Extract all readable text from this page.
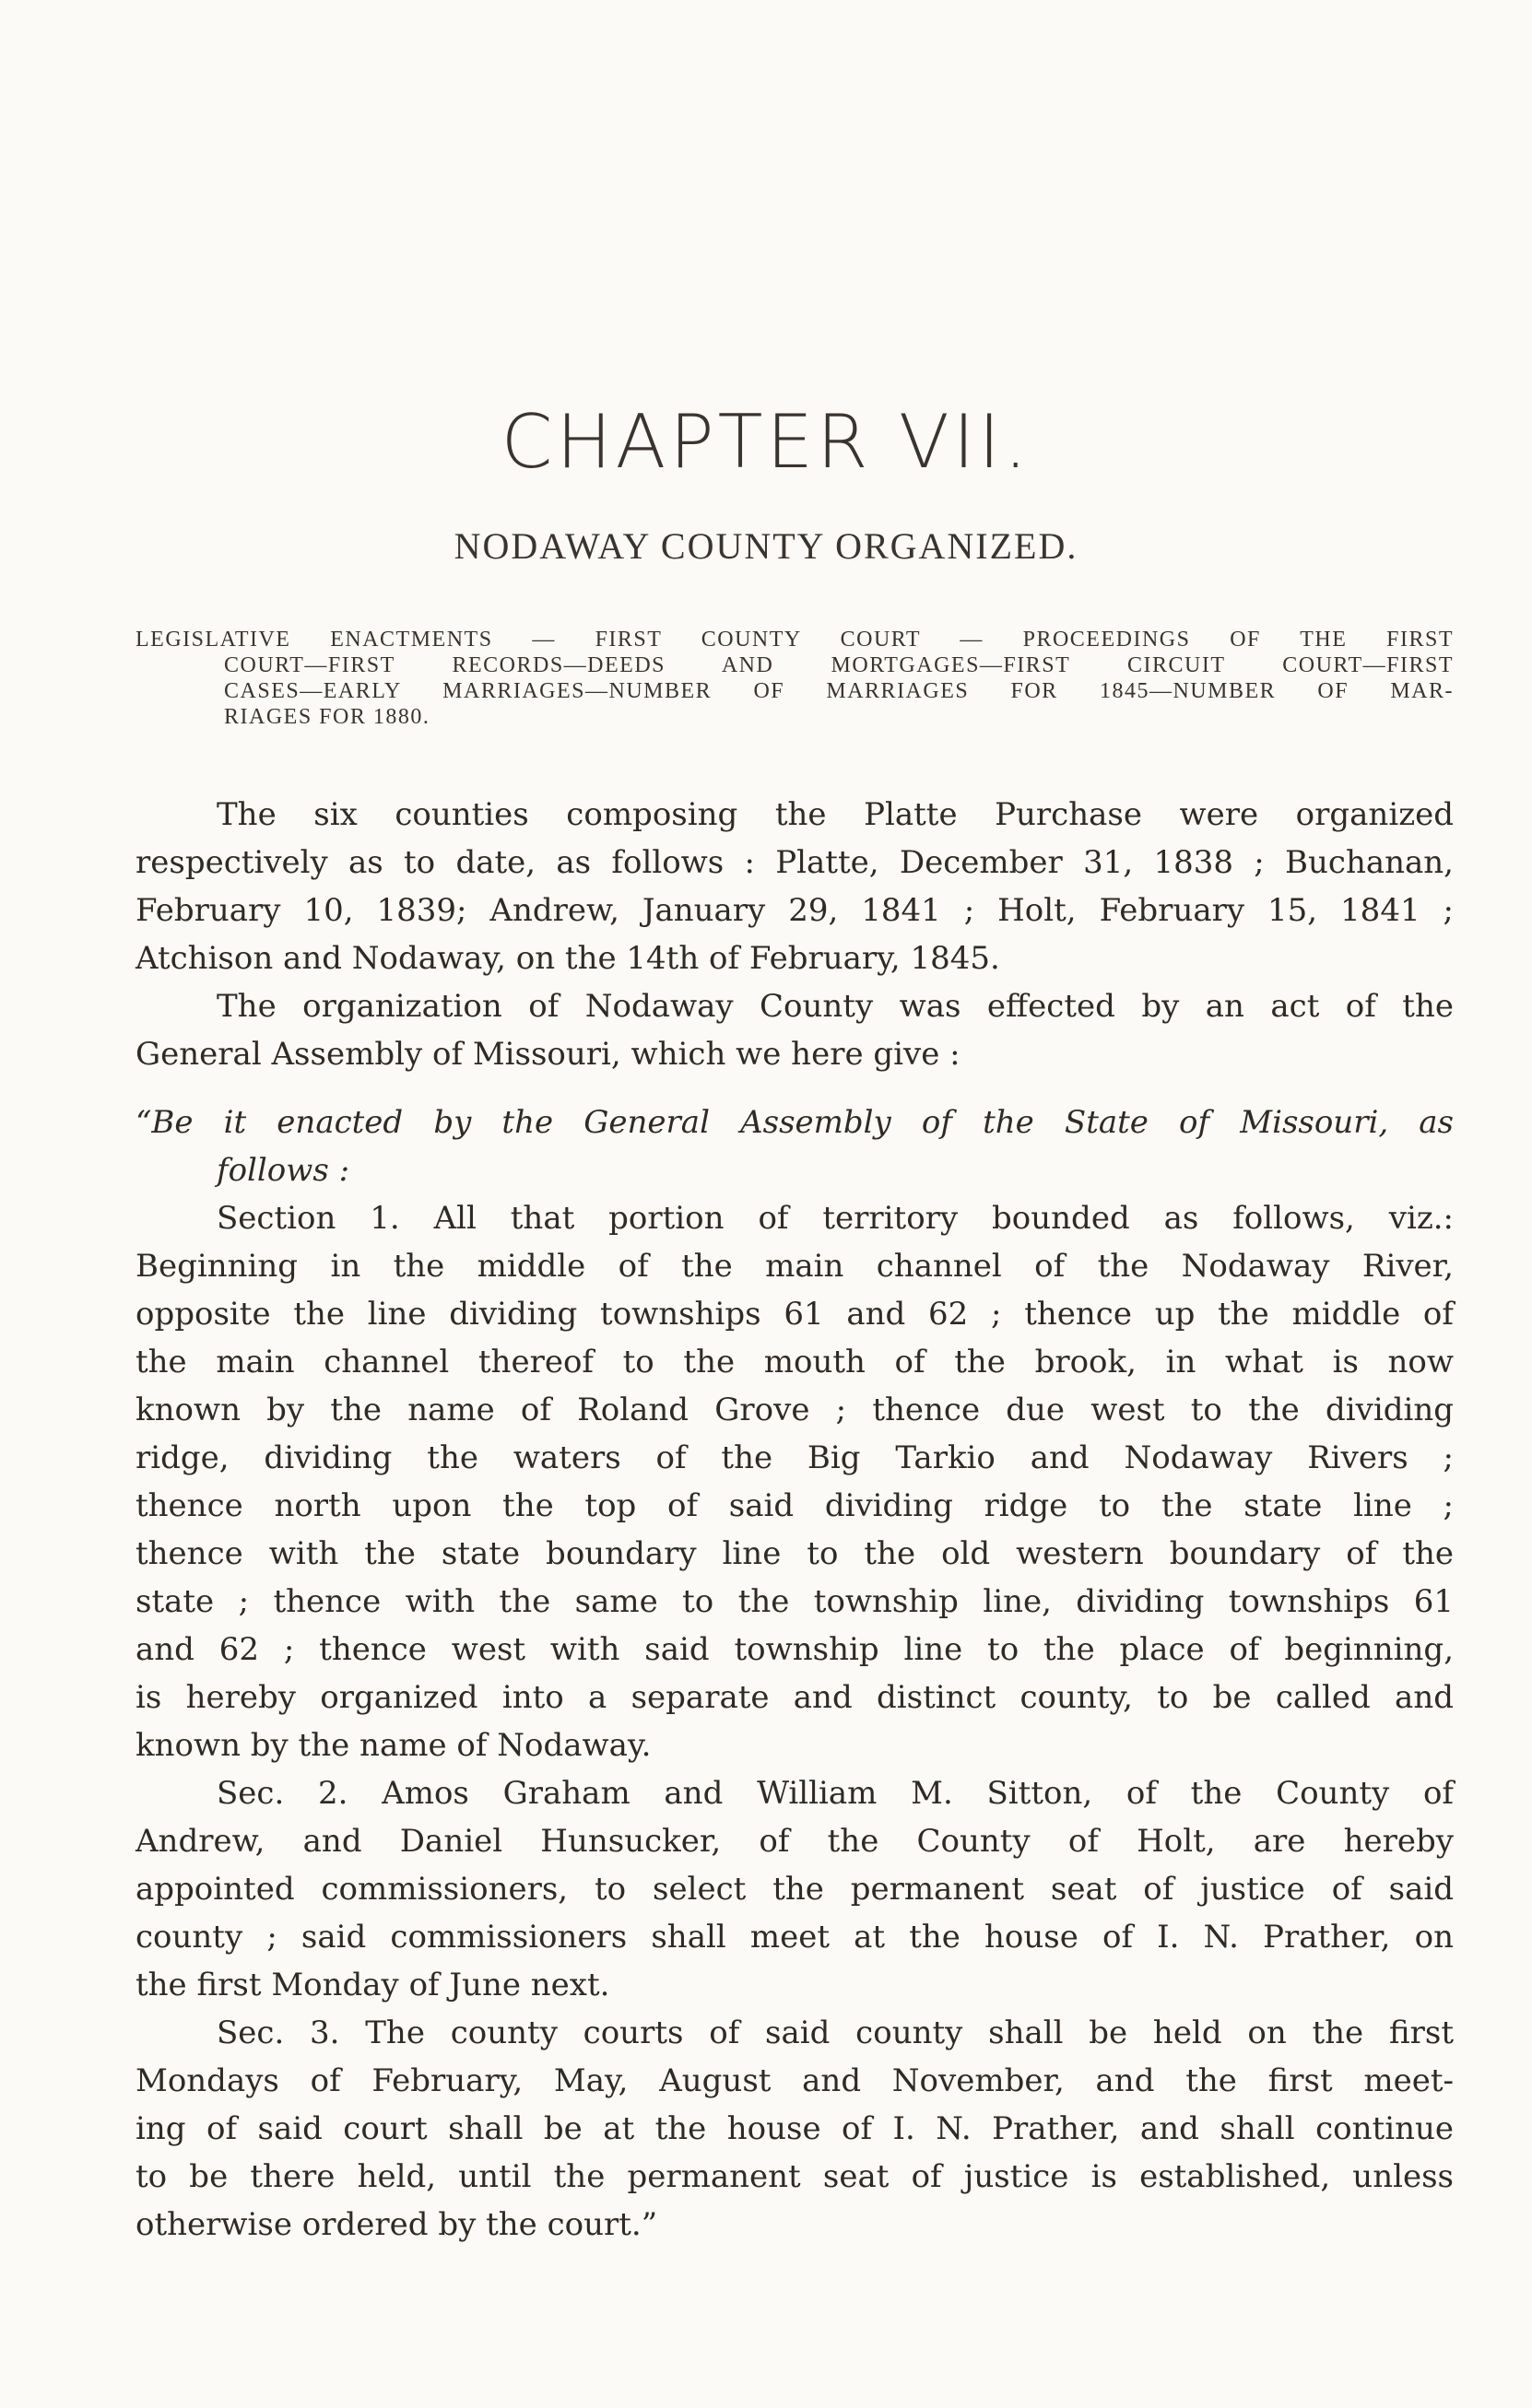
CHAPTER VII.
NODAWAY COUNTY ORGANIZED.
LEGISLATIVE ENACTMENTS — FIRST COUNTY COURT — PROCEEDINGS OF THE FIRST
COURT—FIRST RECORDS—DEEDS AND MORTGAGES—FIRST CIRCUIT COURT—FIRST
CASES—EARLY MARRIAGES—NUMBER OF MARRIAGES FOR 1845—NUMBER OF MAR-
RIAGES FOR 1880.
The six counties composing the Platte Purchase were organized
respectively as to date, as follows : Platte, December 31, 1838 ; Buchanan,
February 10, 1839; Andrew, January 29, 1841 ; Holt, February 15, 1841 ;
Atchison and Nodaway, on the 14th of February, 1845.
The organization of Nodaway County was effected by an act of the
General Assembly of Missouri, which we here give :
“Be it enacted by the General Assembly of the State of Missouri, as
follows :
Section 1. All that portion of territory bounded as follows, viz.:
Beginning in the middle of the main channel of the Nodaway River,
opposite the line dividing townships 61 and 62 ; thence up the middle of
the main channel thereof to the mouth of the brook, in what is now
known by the name of Roland Grove ; thence due west to the dividing
ridge, dividing the waters of the Big Tarkio and Nodaway Rivers ;
thence north upon the top of said dividing ridge to the state line ;
thence with the state boundary line to the old western boundary of the
state ; thence with the same to the township line, dividing townships 61
and 62 ; thence west with said township line to the place of beginning,
is hereby organized into a separate and distinct county, to be called and
known by the name of Nodaway.
Sec. 2. Amos Graham and William M. Sitton, of the County of
Andrew, and Daniel Hunsucker, of the County of Holt, are hereby
appointed commissioners, to select the permanent seat of justice of said
county ; said commissioners shall meet at the house of I. N. Prather, on
the first Monday of June next.
Sec. 3. The county courts of said county shall be held on the first
Mondays of February, May, August and November, and the first meet-
ing of said court shall be at the house of I. N. Prather, and shall continue
to be there held, until the permanent seat of justice is established, unless
otherwise ordered by the court.”
